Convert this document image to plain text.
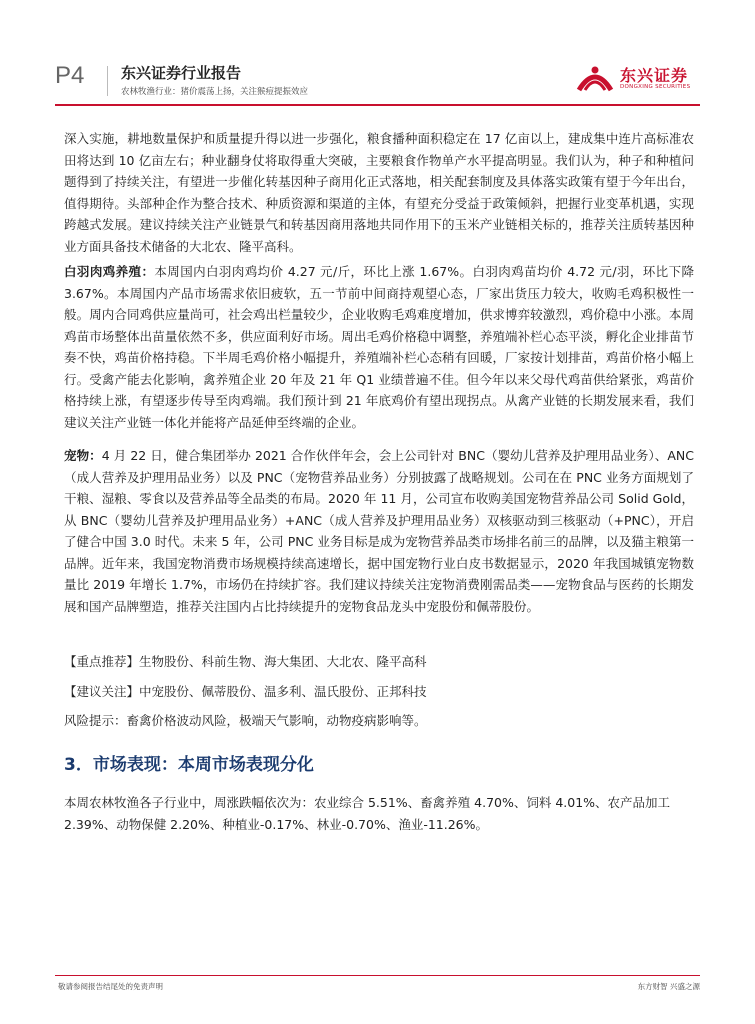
P4 东兴证券行业报告
农林牧渔行业：猪价震荡上扬，关注猴痘提振效应
东兴证券
DONGXING SECURITIES

深入实施，耕地数量保护和质量提升得以进一步强化，粮食播种面积稳定在 17 亿亩以上，建成集中连片高标准农田将达到 10 亿亩左右；种业翻身仗将取得重大突破，主要粮食作物单产水平提高明显。我们认为，种子和种植问题得到了持续关注，有望进一步催化转基因种子商用化正式落地，相关配套制度及具体落实政策有望于今年出台，值得期待。头部种企作为整合技术、种质资源和渠道的主体，有望充分受益于政策倾斜，把握行业变革机遇，实现跨越式发展。建议持续关注产业链景气和转基因商用落地共同作用下的玉米产业链相关标的，推荐关注质转基因种业方面具备技术储备的大北农、隆平高科。

白羽肉鸡养殖：本周国内白羽肉鸡均价 4.27 元/斤，环比上涨 1.67%。白羽肉鸡苗均价 4.72 元/羽，环比下降 3.67%。本周国内产品市场需求依旧疲软，五一节前中间商持观望心态，厂家出货压力较大，收购毛鸡积极性一般。周内合同鸡供应量尚可，社会鸡出栏量较少，企业收购毛鸡难度增加，供求博弈较激烈，鸡价稳中小涨。本周鸡苗市场整体出苗量依然不多，供应面利好市场。周出毛鸡价格稳中调整，养殖端补栏心态平淡，孵化企业排苗节奏不快，鸡苗价格持稳。下半周毛鸡价格小幅提升，养殖端补栏心态稍有回暖，厂家按计划排苗，鸡苗价格小幅上行。受禽产能去化影响，禽养殖企业 20 年及 21 年 Q1 业绩普遍不佳。但今年以来父母代鸡苗供给紧张，鸡苗价格持续上涨，有望逐步传导至肉鸡端。我们预计到 21 年底鸡价有望出现拐点。从禽产业链的长期发展来看，我们建议关注产业链一体化并能将产品延伸至终端的企业。

宠物：4 月 22 日，健合集团举办 2021 合作伙伴年会，会上公司针对 BNC（婴幼儿营养及护理用品业务）、ANC（成人营养及护理用品业务）以及 PNC（宠物营养品业务）分别披露了战略规划。公司在在 PNC 业务方面规划了干粮、湿粮、零食以及营养品等全品类的布局。2020 年 11 月，公司宣布收购美国宠物营养品公司 Solid Gold，从 BNC（婴幼儿营养及护理用品业务）+ANC（成人营养及护理用品业务）双核驱动到三核驱动（+PNC），开启了健合中国 3.0 时代。未来 5 年，公司 PNC 业务目标是成为宠物营养品类市场排名前三的品牌，以及猫主粮第一品牌。近年来，我国宠物消费市场规模持续高速增长，据中国宠物行业白皮书数据显示，2020 年我国城镇宠物数量比 2019 年增长 1.7%，市场仍在持续扩容。我们建议持续关注宠物消费刚需品类——宠物食品与医药的长期发展和国产品牌塑造，推荐关注国内占比持续提升的宠物食品龙头中宠股份和佩蒂股份。

【重点推荐】生物股份、科前生物、海大集团、大北农、隆平高科
【建议关注】中宠股份、佩蒂股份、温多利、温氏股份、正邦科技
风险提示：畜禽价格波动风险，极端天气影响，动物疫病影响等。
3．市场表现：本周市场表现分化

本周农林牧渔各子行业中，周涨跌幅依次为：农业综合 5.51%、畜禽养殖 4.70%、饲料 4.01%、农产品加工 2.39%、动物保健 2.20%、种植业-0.17%、林业-0.70%、渔业-11.26%。

敬请参阅报告结尾处的免责声明	东方财智 兴盛之源
